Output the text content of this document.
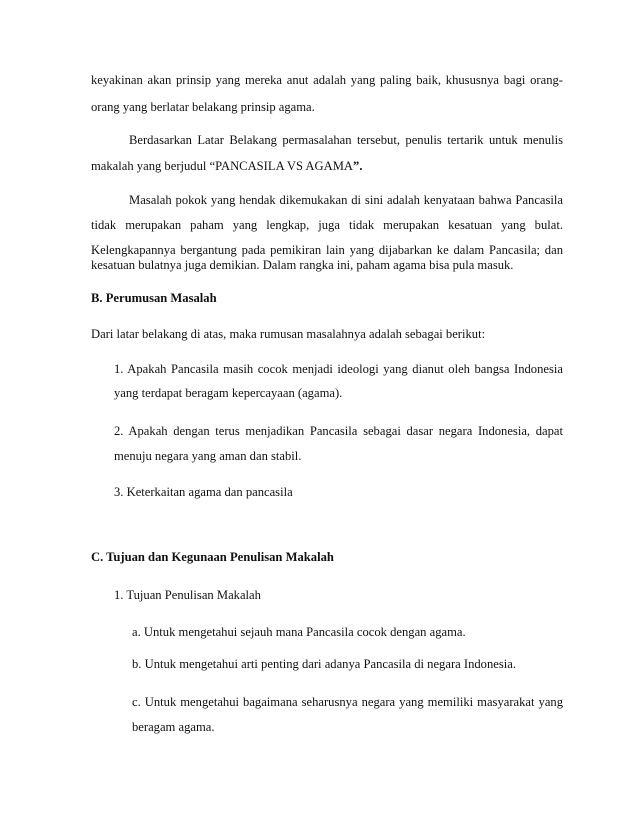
keyakinan akan prinsip yang mereka anut adalah yang paling baik, khususnya bagi orang-

orang yang berlatar belakang prinsip agama.

Berdasarkan Latar Belakang permasalahan tersebut, penulis tertarik untuk menulis

makalah yang berjudul “PANCASILA VS AGAMA”.

Masalah pokok yang hendak dikemukakan di sini adalah kenyataan bahwa Pancasila

tidak merupakan paham yang lengkap, juga tidak merupakan kesatuan yang bulat.

Kelengkapannya bergantung pada pemikiran lain yang dijabarkan ke dalam Pancasila; dan

kesatuan bulatnya juga demikian. Dalam rangka ini, paham agama bisa pula masuk.

B. Perumusan Masalah

Dari latar belakang di atas, maka rumusan masalahnya adalah sebagai berikut:

1. Apakah Pancasila masih cocok menjadi ideologi yang dianut oleh bangsa Indonesia

yang terdapat beragam kepercayaan (agama).

2. Apakah dengan terus menjadikan Pancasila sebagai dasar negara Indonesia, dapat

menuju negara yang aman dan stabil.

3. Keterkaitan agama dan pancasila

C. Tujuan dan Kegunaan Penulisan Makalah

1. Tujuan Penulisan Makalah

a. Untuk mengetahui sejauh mana Pancasila cocok dengan agama.

b. Untuk mengetahui arti penting dari adanya Pancasila di negara Indonesia.

c. Untuk mengetahui bagaimana seharusnya negara yang memiliki masyarakat yang

beragam agama.
